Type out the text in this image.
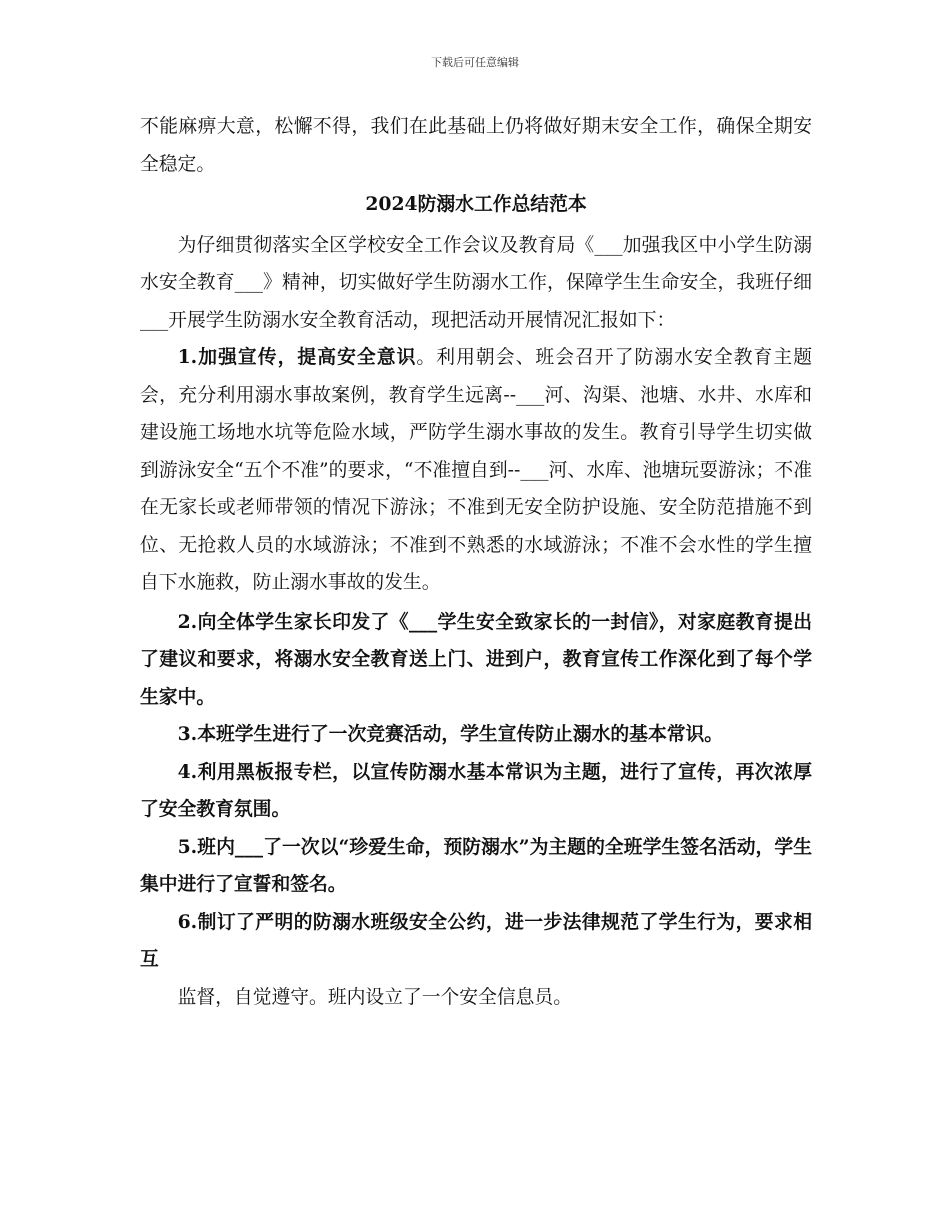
下载后可任意编辑

不能麻痹大意，松懈不得，我们在此基础上仍将做好期末安全工作，确保全期安全稳定。

2024防溺水工作总结范本

为仔细贯彻落实全区学校安全工作会议及教育局《___加强我区中小学生防溺水安全教育___》精神，切实做好学生防溺水工作，保障学生生命安全，我班仔细___开展学生防溺水安全教育活动，现把活动开展情况汇报如下：

1.加强宣传，提高安全意识。利用朝会、班会召开了防溺水安全教育主题会，充分利用溺水事故案例，教育学生远离--___河、沟渠、池塘、水井、水库和建设施工场地水坑等危险水域，严防学生溺水事故的发生。教育引导学生切实做到游泳安全“五个不准”的要求，“不准擅自到--___河、水库、池塘玩耍游泳；不准在无家长或老师带领的情况下游泳；不准到无安全防护设施、安全防范措施不到位、无抢救人员的水域游泳；不准到不熟悉的水域游泳；不准不会水性的学生擅自下水施救，防止溺水事故的发生。

2.向全体学生家长印发了《___学生安全致家长的一封信》，对家庭教育提出了建议和要求，将溺水安全教育送上门、进到户，教育宣传工作深化到了每个学生家中。

3.本班学生进行了一次竞赛活动，学生宣传防止溺水的基本常识。

4.利用黑板报专栏，以宣传防溺水基本常识为主题，进行了宣传，再次浓厚了安全教育氛围。

5.班内___了一次以“珍爱生命，预防溺水”为主题的全班学生签名活动，学生集中进行了宣誓和签名。

6.制订了严明的防溺水班级安全公约，进一步法律规范了学生行为，要求相互

监督，自觉遵守。班内设立了一个安全信息员。
